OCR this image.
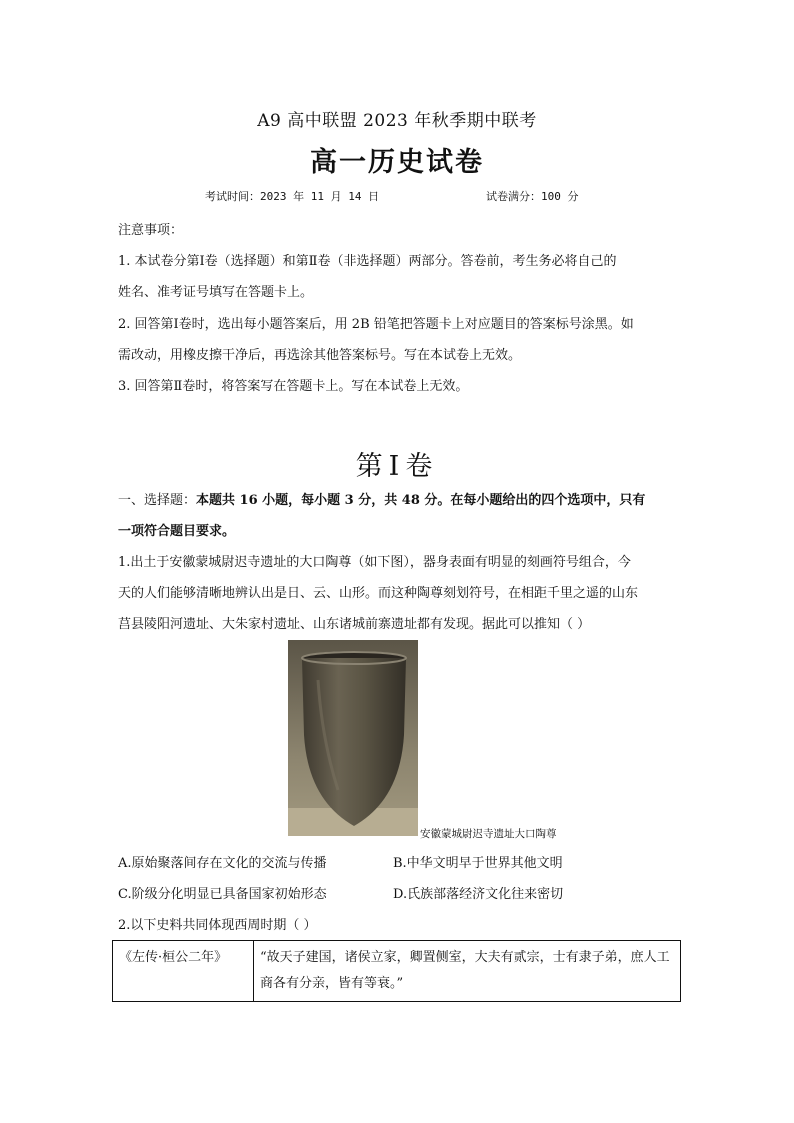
A9 高中联盟 2023 年秋季期中联考
高一历史试卷
考试时间：2023 年 11 月 14 日	试卷满分：100 分
注意事项：
1. 本试卷分第Ⅰ卷（选择题）和第Ⅱ卷（非选择题）两部分。答卷前，考生务必将自己的
姓名、准考证号填写在答题卡上。
2. 回答第Ⅰ卷时，选出每小题答案后，用 2B 铅笔把答题卡上对应题目的答案标号涂黑。如
需改动，用橡皮擦干净后，再选涂其他答案标号。写在本试卷上无效。
3. 回答第Ⅱ卷时，将答案写在答题卡上。写在本试卷上无效。
第Ⅰ卷
一、选择题：本题共 16 小题，每小题 3 分，共 48 分。在每小题给出的四个选项中，只有
一项符合题目要求。
1.出土于安徽蒙城尉迟寺遗址的大口陶尊（如下图），器身表面有明显的刻画符号组合，今
天的人们能够清晰地辨认出是日、云、山形。而这种陶尊刻划符号，在相距千里之遥的山东
莒县陵阳河遗址、大朱家村遗址、山东诸城前寨遗址都有发现。据此可以推知（ ）
安徽蒙城尉迟寺遗址大口陶尊
A.原始聚落间存在文化的交流与传播	B.中华文明早于世界其他文明
C.阶级分化明显已具备国家初始形态	D.氏族部落经济文化往来密切
2.以下史料共同体现西周时期（ ）
《左传·桓公二年》	“故天子建国，诸侯立家，卿置侧室，大夫有贰宗，士有隶子弟，庶人工
商各有分亲，皆有等衰。”
